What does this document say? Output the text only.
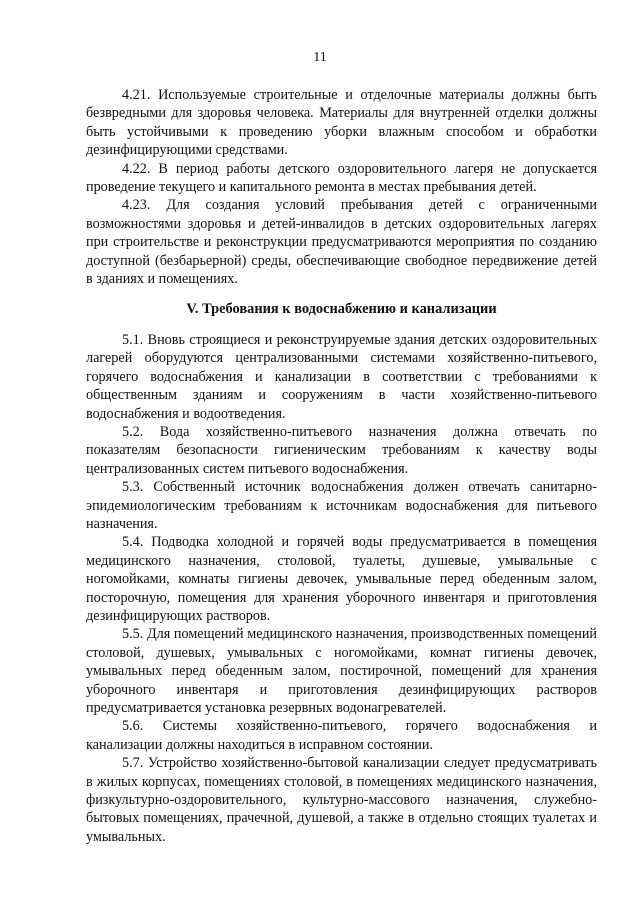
11

4.21. Используемые строительные и отделочные материалы должны быть безвредными для здоровья человека. Материалы для внутренней отделки должны быть устойчивыми к проведению уборки влажным способом и обработки дезинфицирующими средствами.

4.22. В период работы детского оздоровительного лагеря не допускается проведение текущего и капитального ремонта в местах пребывания детей.

4.23. Для создания условий пребывания детей с ограниченными возможностями здоровья и детей-инвалидов в детских оздоровительных лагерях при строительстве и реконструкции предусматриваются мероприятия по созданию доступной (безбарьерной) среды, обеспечивающие свободное передвижение детей в зданиях и помещениях.

V. Требования к водоснабжению и канализации

5.1. Вновь строящиеся и реконструируемые здания детских оздоровительных лагерей оборудуются централизованными системами хозяйственно-питьевого, горячего водоснабжения и канализации в соответствии с требованиями к общественным зданиям и сооружениям в части хозяйственно-питьевого водоснабжения и водоотведения.

5.2. Вода хозяйственно-питьевого назначения должна отвечать по показателям безопасности гигиеническим требованиям к качеству воды централизованных систем питьевого водоснабжения.

5.3. Собственный источник водоснабжения должен отвечать санитарно-эпидемиологическим требованиям к источникам водоснабжения для питьевого назначения.

5.4. Подводка холодной и горячей воды предусматривается в помещения медицинского назначения, столовой, туалеты, душевые, умывальные с ногомойками, комнаты гигиены девочек, умывальные перед обеденным залом, посторочную, помещения для хранения уборочного инвентаря и приготовления дезинфицирующих растворов.

5.5. Для помещений медицинского назначения, производственных помещений столовой, душевых, умывальных с ногомойками, комнат гигиены девочек, умывальных перед обеденным залом, постирочной, помещений для хранения уборочного инвентаря и приготовления дезинфицирующих растворов предусматривается установка резервных водонагревателей.

5.6. Системы хозяйственно-питьевого, горячего водоснабжения и канализации должны находиться в исправном состоянии.

5.7. Устройство хозяйственно-бытовой канализации следует предусматривать в жилых корпусах, помещениях столовой, в помещениях медицинского назначения, физкультурно-оздоровительного, культурно-массового назначения, служебно-бытовых помещениях, прачечной, душевой, а также в отдельно стоящих туалетах и умывальных.
